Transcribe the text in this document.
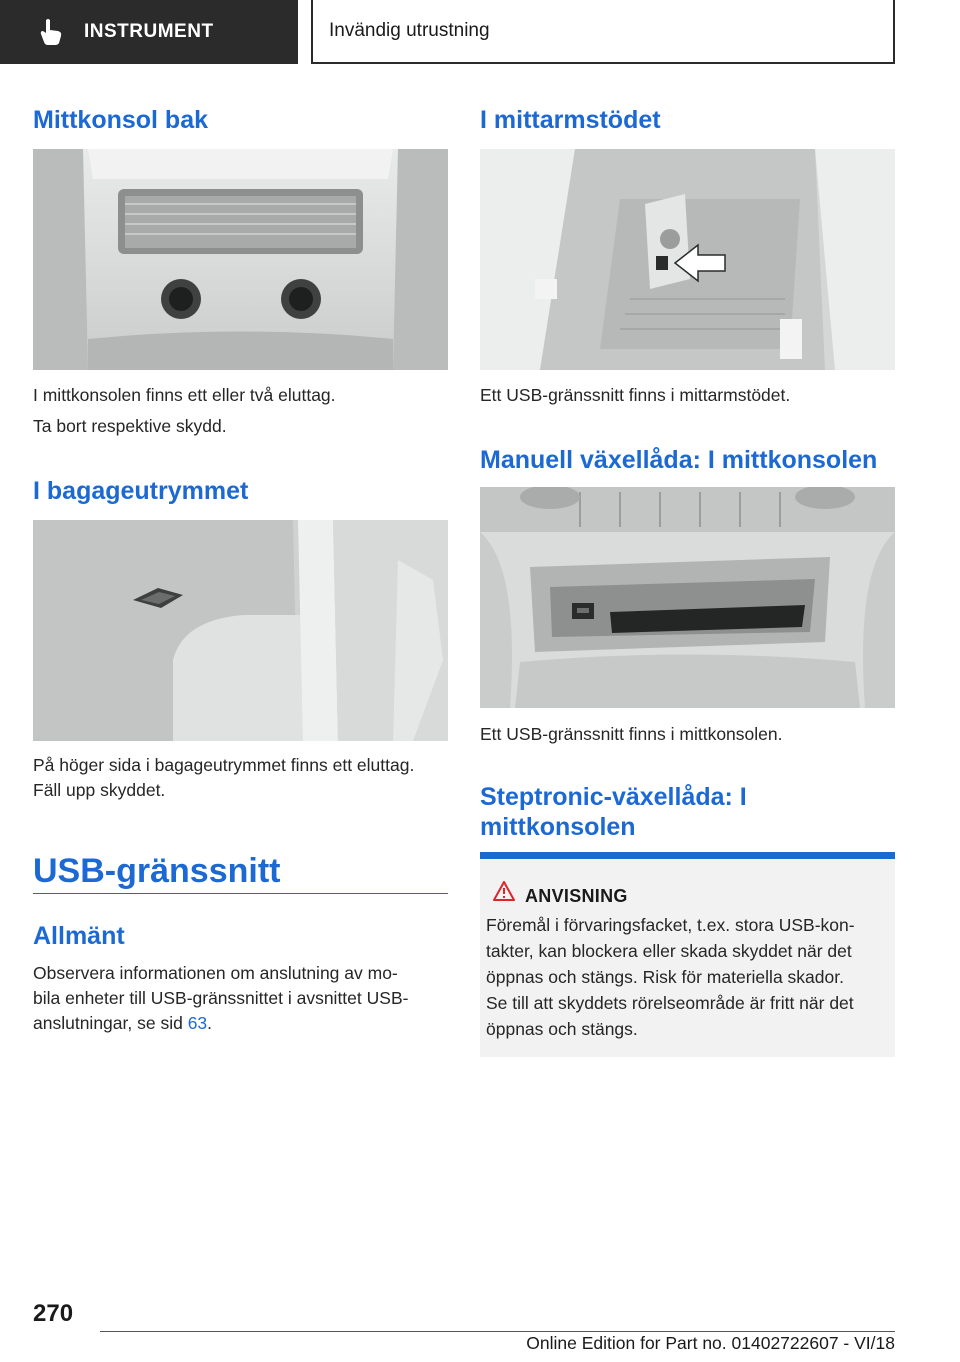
INSTRUMENT	Invändig utrustning
Mittkonsol bak

I mittkonsolen finns ett eller två eluttag.

Ta bort respektive skydd.

I bagageutrymmet

På höger sida i bagageutrymmet finns ett eluttag.

Fäll upp skyddet.

USB-gränssnitt
Allmänt

Observera informationen om anslutning av mo-

bila enheter till USB-gränssnittet i avsnittet USB-

anslutningar, se sid 63.

I mittarmstödet

Ett USB-gränssnitt finns i mittarmstödet.

Manuell växellåda: I mittkonsolen

Ett USB-gränssnitt finns i mittkonsolen.

Steptronic-växellåda: I
mittkonsolen
ANVISNING
Föremål i förvaringsfacket, t.ex. stora USB-kon-
takter, kan blockera eller skada skyddet när det
öppnas och stängs. Risk för materiella skador.
Se till att skyddets rörelseområde är fritt när det
öppnas och stängs.
270
Online Edition for Part no. 01402722607 - VI/18
